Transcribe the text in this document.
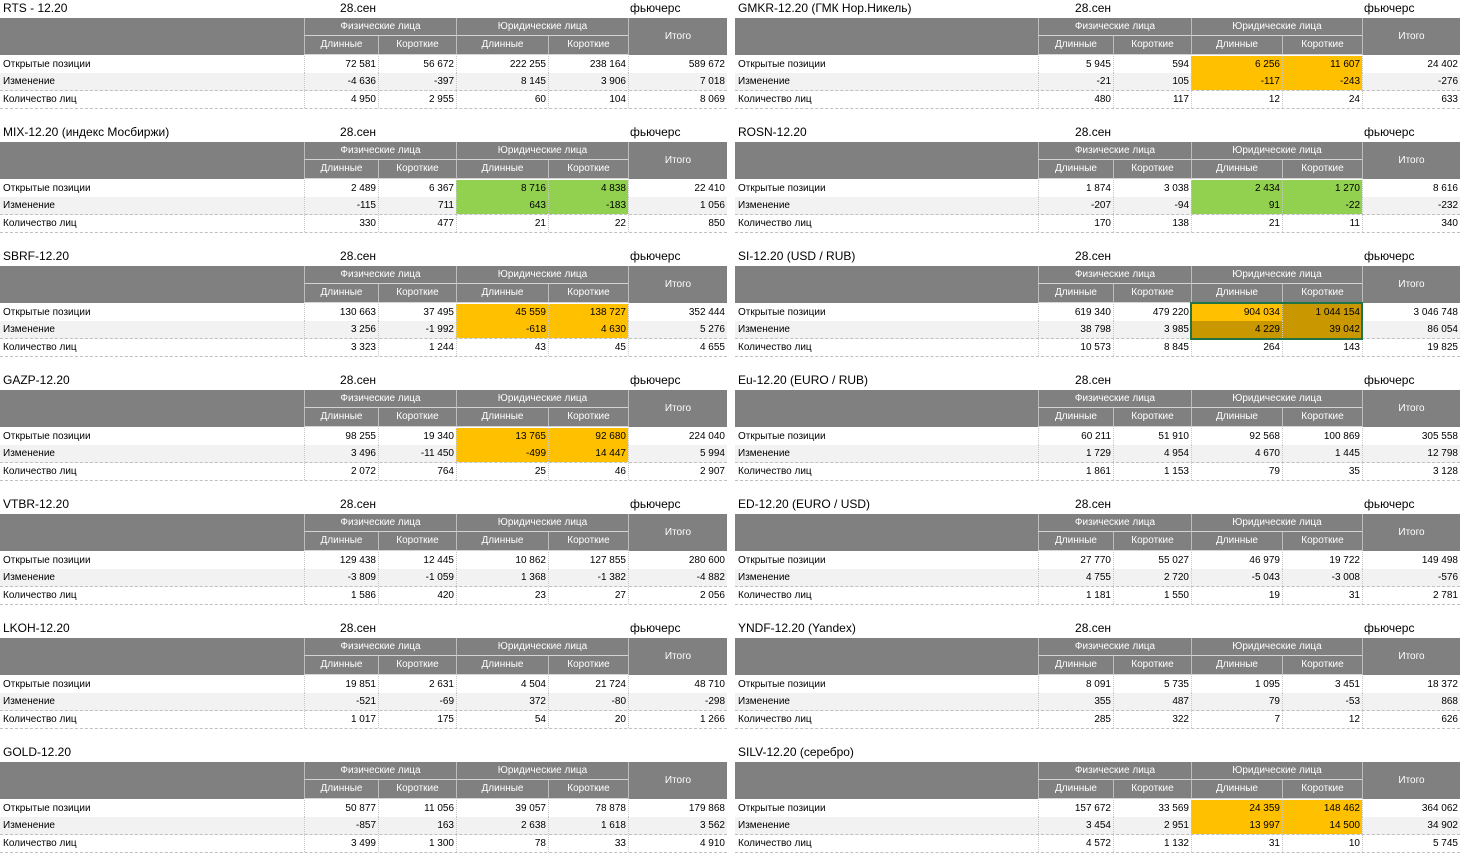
RTS - 12.20	28.сен	фьючерс
Физические лица	Юридические лица
Длинные	Короткие	Длинные	Короткие
Итого
Открытые позиции	72 581	56 672	222 255	238 164	589 672
Изменение	-4 636	-397	8 145	3 906	7 018
Количество лиц	4 950	2 955	60	104	8 069
GMKR-12.20 (ГМК Нор.Никель)	28.сен	фьючерс
Физические лица	Юридические лица
Длинные	Короткие	Длинные	Короткие
Итого
Открытые позиции	5 945	594	6 256	11 607	24 402
Изменение	-21	105	-117	-243	-276
Количество лиц	480	117	12	24	633
MIX-12.20 (индекс Мосбиржи)	28.сен	фьючерс
Физические лица	Юридические лица
Длинные	Короткие	Длинные	Короткие
Итого
Открытые позиции	2 489	6 367	8 716	4 838	22 410
Изменение	-115	711	643	-183	1 056
Количество лиц	330	477	21	22	850
ROSN-12.20	28.сен	фьючерс
Физические лица	Юридические лица
Длинные	Короткие	Длинные	Короткие
Итого
Открытые позиции	1 874	3 038	2 434	1 270	8 616
Изменение	-207	-94	91	-22	-232
Количество лиц	170	138	21	11	340
SBRF-12.20	28.сен	фьючерс
Физические лица	Юридические лица
Длинные	Короткие	Длинные	Короткие
Итого
Открытые позиции	130 663	37 495	45 559	138 727	352 444
Изменение	3 256	-1 992	-618	4 630	5 276
Количество лиц	3 323	1 244	43	45	4 655
SI-12.20 (USD / RUB)	28.сен	фьючерс
Физические лица	Юридические лица
Длинные	Короткие	Длинные	Короткие
Итого
Открытые позиции	619 340	479 220	904 034	1 044 154	3 046 748
Изменение	38 798	3 985	4 229	39 042	86 054
Количество лиц	10 573	8 845	264	143	19 825
GAZP-12.20	28.сен	фьючерс
Физические лица	Юридические лица
Длинные	Короткие	Длинные	Короткие
Итого
Открытые позиции	98 255	19 340	13 765	92 680	224 040
Изменение	3 496	-11 450	-499	14 447	5 994
Количество лиц	2 072	764	25	46	2 907
Eu-12.20 (EURO / RUB)	28.сен	фьючерс
Физические лица	Юридические лица
Длинные	Короткие	Длинные	Короткие
Итого
Открытые позиции	60 211	51 910	92 568	100 869	305 558
Изменение	1 729	4 954	4 670	1 445	12 798
Количество лиц	1 861	1 153	79	35	3 128
VTBR-12.20	28.сен	фьючерс
Физические лица	Юридические лица
Длинные	Короткие	Длинные	Короткие
Итого
Открытые позиции	129 438	12 445	10 862	127 855	280 600
Изменение	-3 809	-1 059	1 368	-1 382	-4 882
Количество лиц	1 586	420	23	27	2 056
ED-12.20 (EURO / USD)	28.сен	фьючерс
Физические лица	Юридические лица
Длинные	Короткие	Длинные	Короткие
Итого
Открытые позиции	27 770	55 027	46 979	19 722	149 498
Изменение	4 755	2 720	-5 043	-3 008	-576
Количество лиц	1 181	1 550	19	31	2 781
LKOH-12.20	28.сен	фьючерс
Физические лица	Юридические лица
Длинные	Короткие	Длинные	Короткие
Итого
Открытые позиции	19 851	2 631	4 504	21 724	48 710
Изменение	-521	-69	372	-80	-298
Количество лиц	1 017	175	54	20	1 266
YNDF-12.20 (Yandex)	28.сен	фьючерс
Физические лица	Юридические лица
Длинные	Короткие	Длинные	Короткие
Итого
Открытые позиции	8 091	5 735	1 095	3 451	18 372
Изменение	355	487	79	-53	868
Количество лиц	285	322	7	12	626
GOLD-12.20
Физические лица	Юридические лица
Длинные	Короткие	Длинные	Короткие
Итого
Открытые позиции	50 877	11 056	39 057	78 878	179 868
Изменение	-857	163	2 638	1 618	3 562
Количество лиц	3 499	1 300	78	33	4 910
SILV-12.20 (серебро)
Физические лица	Юридические лица
Длинные	Короткие	Длинные	Короткие
Итого
Открытые позиции	157 672	33 569	24 359	148 462	364 062
Изменение	3 454	2 951	13 997	14 500	34 902
Количество лиц	4 572	1 132	31	10	5 745
